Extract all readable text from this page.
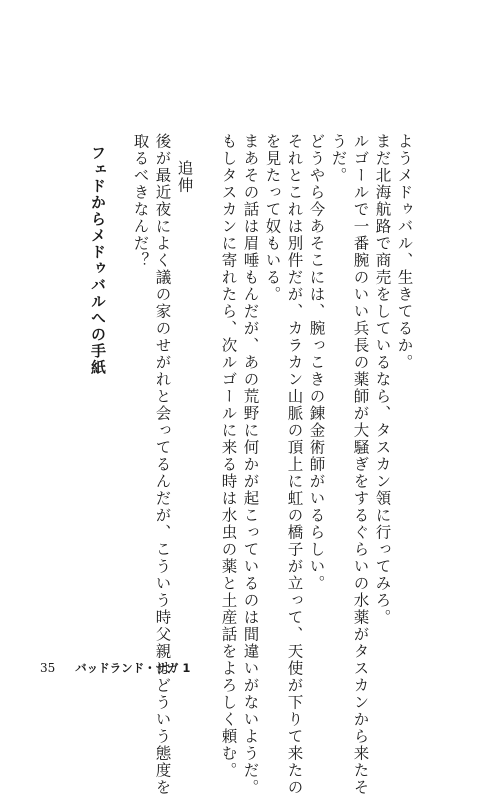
ようメドゥバル、生きてるか。
まだ北海航路で商売をしているなら、タスカン領に行ってみろ。
ルゴールで一番腕のいい兵長の薬師が大騒ぎをするぐらいの水薬がタスカンから来たそ
うだ。
どうやら今あそこには、腕っこきの錬金術師がいるらしい。
それとこれは別件だが、カラカン山脈の頂上に虹の橋子が立って、天使が下りて来たの
を見たって奴もいる。
まあその話は眉唾もんだが、あの荒野に何かが起こっているのは間違いがないようだ。
もしタスカンに寄れたら、次ルゴールに来る時は水虫の薬と土産話をよろしく頼む。
追伸
後が最近夜によく議の家のせがれと会ってるんだが、こういう時父親はどういう態度を
取るべきなんだ？
フェドからメドゥバルへの手紙
35 バッドランド・サガ 1
